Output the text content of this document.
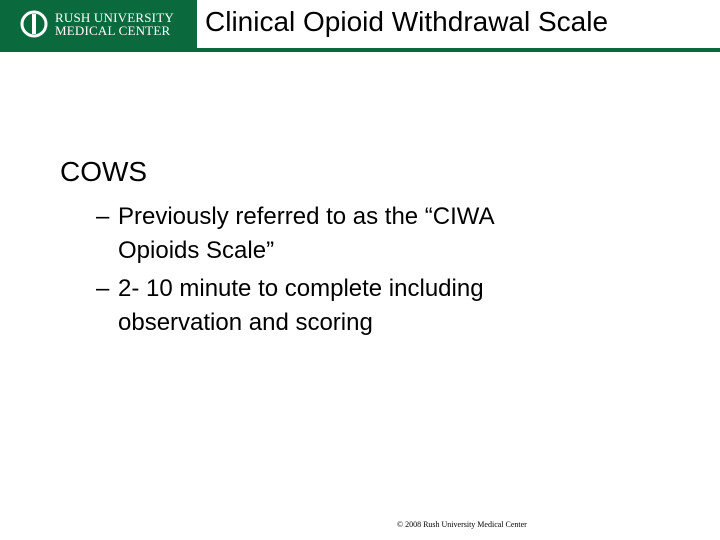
RUSH UNIVERSITY
MEDICAL CENTER Clinical Opioid Withdrawal Scale

COWS

– Previously referred to as the “CIWA Opioids Scale”
– 2- 10 minute to complete including observation and scoring
© 2008 Rush University Medical Center
